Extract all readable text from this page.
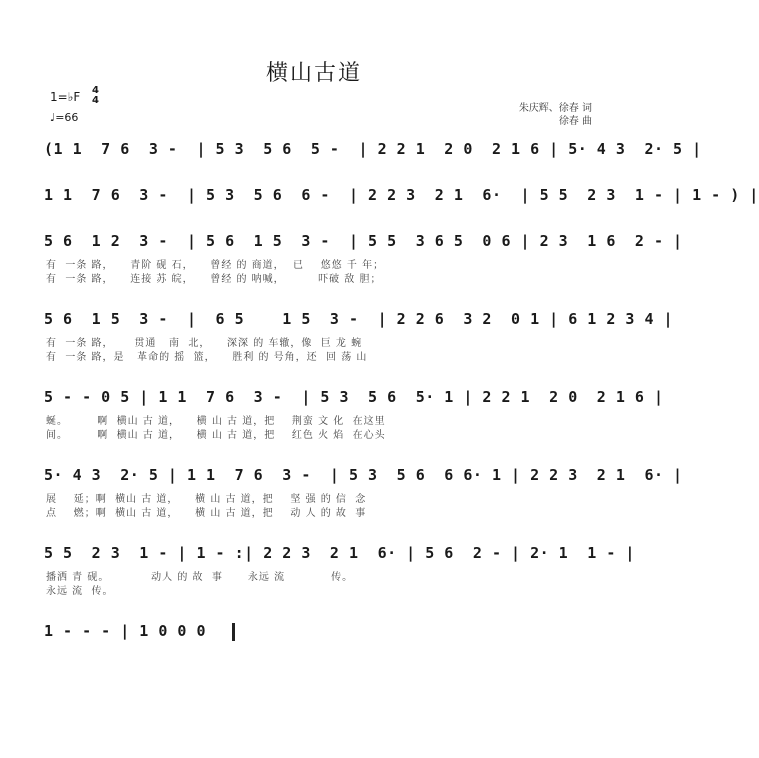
横山古道
1=♭F 4
4
♩=66
朱庆辉、徐春 词
徐春 曲
(1 1  7 6  3 -  | 5 3  5 6  5 -  | 2 2 1  2 0  2 1 6 | 5· 4 3  2· 5 |
1 1  7 6  3 -  | 5 3  5 6  6 -  | 2 2 3  2 1  6·  | 5 5  2 3  1 - | 1 - ) |
5 6  1 2  3 -  | 5 6  1 5  3 -  | 5 5  3 6 5  0 6 | 2 3  1 6  2 - |
有  一条 路，    青阶 砚 石，    曾经 的 商道，  已    悠悠 千 年；
有  一条 路，    连接 苏 皖，    曾经 的 呐喊，        吓破 敌 胆；
5 6  1 5  3 -  |  6 5    1 5  3 -  | 2 2 6  3 2  0 1 | 6 1 2 3 4 |
有  一条 路，     贯通   南  北，    深深 的 车辙，像  巨 龙 蜿
有  一条 路，是   革命的 摇  篮，    胜利 的 号角，还  回 荡 山
5 - - 0 5 | 1 1  7 6  3 -  | 5 3  5 6  5· 1 | 2 2 1  2 0  2 1 6 |
蜒。       啊  横山 古 道，    横 山 古 道，把    荆蛮 文 化  在这里
间。       啊  横山 古 道，    横 山 古 道，把    红色 火 焰  在心头
5· 4 3  2· 5 | 1 1  7 6  3 -  | 5 3  5 6  6 6· 1 | 2 2 3  2 1  6· |
展    延；啊  横山 古 道，    横 山 古 道，把    坚 强 的 信  念
点    燃；啊  横山 古 道，    横 山 古 道，把    动 人 的 故  事
5 5  2 3  1 - | 1 - :| 2 2 3  2 1  6· | 5 6  2 - | 2· 1  1 - |
播洒 青 砚。          动人 的 故  事      永远 流           传。
永远 流  传。
1 - - - | 1 0 0 0
